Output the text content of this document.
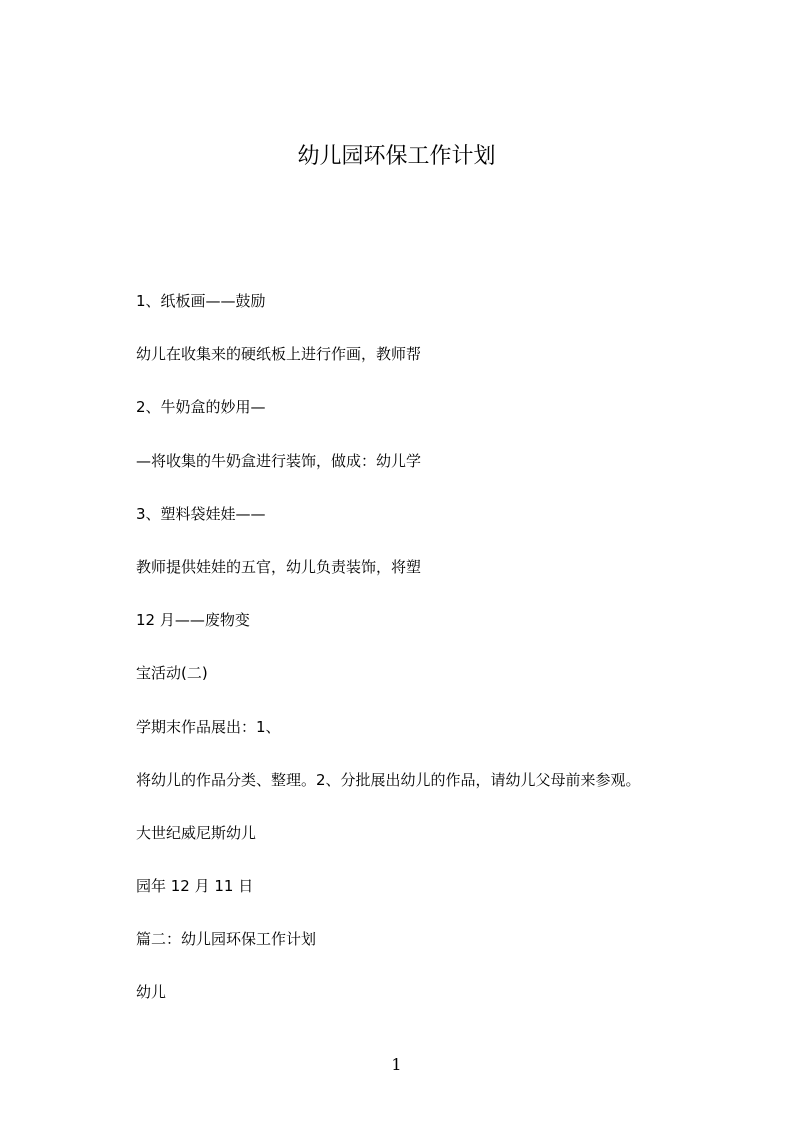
幼儿园环保工作计划
1、纸板画——鼓励
幼儿在收集来的硬纸板上进行作画，教师帮
2、牛奶盒的妙用—
—将收集的牛奶盒进行装饰，做成：幼儿学
3、塑料袋娃娃——
教师提供娃娃的五官，幼儿负责装饰，将塑
12 月——废物变
宝活动(二)
学期末作品展出：1、
将幼儿的作品分类、整理。2、分批展出幼儿的作品，请幼儿父母前来参观。
大世纪威尼斯幼儿
园年 12 月 11 日
篇二：幼儿园环保工作计划
幼儿
1
